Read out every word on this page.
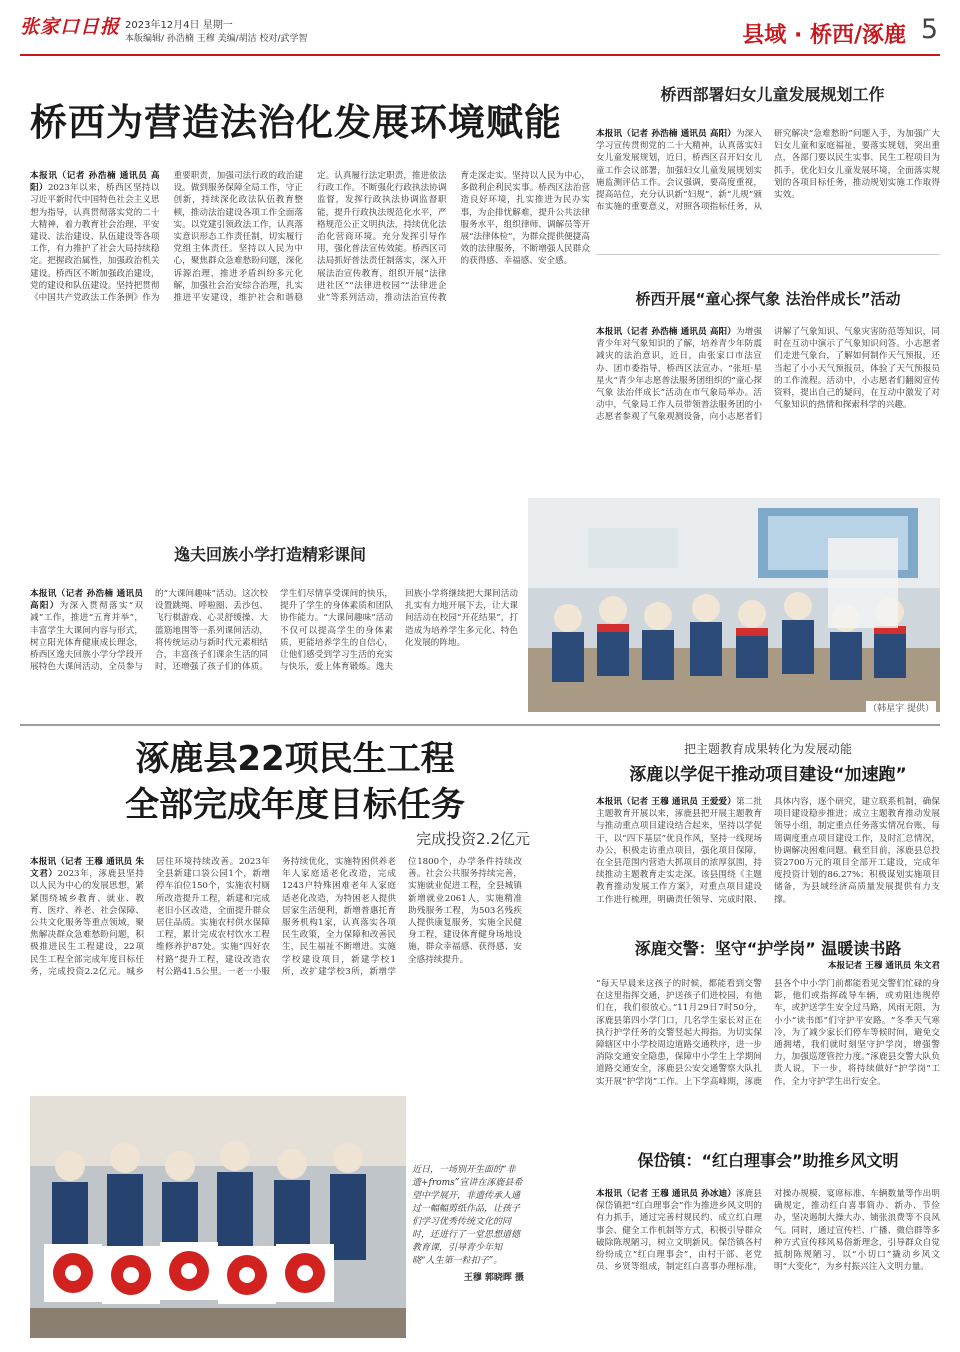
张家口日报 2023年12月4日 星期一
本版编辑/ 孙浩楠 王穆 美编/胡洁 校对/武学智	县域 · 桥西/涿鹿 5
桥西为营造法治化发展环境赋能
本报讯（记者 孙浩楠 通讯员 高阳）2023年以来，桥西区坚持以习近平新时代中国特色社会主义思想为指导，认真贯彻落实党的二十大精神，着力教育社会治理、平安建设、法治建设、队伍建设等各项工作，有力推护了社会大局持续稳定。把握政治属性，加强政治机关建设。桥西区不断加强政治建设，党的建设和队伍建设。坚持把贯彻《中国共产党政法工作条例》作为重要职责，加强司法行政的政治建设。做到服务保障全局工作，守正创新，持续深化政法队伍教育整顿，推动法治建设各项工作全面落实。以党建引领政法工作，认真落实意识形态工作责任制，切实履行党组主体责任。坚持以人民为中心，聚焦群众急难愁盼问题，深化诉源治理，推进矛盾纠纷多元化解，加强社会治安综合治理，扎实推进平安建设，维护社会和谐稳定。认真履行法定职责，推进依法行政工作。不断强化行政执法协调监督，发挥行政执法协调监督职能，提升行政执法规范化水平，严格规范公正文明执法，持续优化法治化营商环境。充分发挥引导作用，强化普法宣传效能。桥西区司法局抓好普法责任制落实，深入开展法治宣传教育，组织开展“法律进社区”“法律进校园”“法律进企业”等系列活动，推动法治宣传教育走深走实。坚持以人民为中心，多做利企利民实事。桥西区法治营造良好环境，扎实推进为民办实事，为企排忧解难，提升公共法律服务水平，组织律师、调解员等开展“法律体检”，为群众提供便捷高效的法律服务，不断增强人民群众的获得感、幸福感、安全感。
桥西部署妇女儿童发展规划工作
本报讯（记者 孙浩楠 通讯员 高阳）为深入学习宣传贯彻党的二十大精神，认真落实妇女儿童发展规划，近日，桥西区召开妇女儿童工作会议部署，加强妇女儿童发展规划实施监测评估工作。会议强调，要高度重视，提高站位，充分认识新“妇规”、新“儿规”颁布实施的重要意义，对照各项指标任务，从研究解决“急难愁盼”问题入手，为加强广大妇女儿童和家庭福祉，要落实规划，突出重点，各部门要以民生实事、民生工程项目为抓手，优化妇女儿童发展环境，全面落实规划的各项目标任务，推动规划实施工作取得实效。
桥西开展“童心探气象 法治伴成长”活动
本报讯（记者 孙浩楠 通讯员 高阳）为增强青少年对气象知识的了解，培养青少年防震减灾的法治意识，近日，由张家口市法宣办、团市委指导，桥西区法宣办、“张垣·星星火”青少年志愿普法服务团组织的“童心探气象 法治伴成长”活动在市气象局举办。活动中，气象局工作人员带领普法服务团的小志愿者参观了气象观测设备，向小志愿者们讲解了气象知识、气象灾害防范等知识，同时在互动中演示了气象知识问答。小志愿者们走进气象台，了解如何制作天气预报，还当起了小小天气预报员，体验了天气预报员的工作流程。活动中，小志愿者们翻阅宣传资料，提出自己的疑问，在互动中激发了对气象知识的热情和探索科学的兴趣。
（韩星宇 提供）
逸夫回族小学打造精彩课间
本报讯（记者 孙浩楠 通讯员 高阳）为深入贯彻落实“双减”工作，推进“五育并举”，丰富学生大课间内容与形式，树立阳光体育健康成长理念，桥西区逸夫回族小学分学段开展特色大课间活动，全员参与的“大课间趣味”活动。这次校设置跳绳、呼啦圈、丢沙包、飞行棋游戏、心灵舒缓操、大篮筋地围等一系列课间活动，将传统运动与新时代元素相结合，丰富孩子们课余生活的同时，还增强了孩子们的体质。学生们尽情享受课间的快乐，提升了学生的身体素质和团队协作能力。“大课间趣味”活动不仅可以提高学生的身体素质，更能培养学生的自信心，让他们感受到学习生活的充实与快乐，爱上体育锻炼。逸夫回族小学将继续把大课间活动扎实有力地开展下去，让大课间活动在校园“开花结果”，打造成为培养学生多元化、特色化发展的阵地。
涿鹿县22项民生工程
全部完成年度目标任务
完成投资2.2亿元
本报讯（记者 王穆 通讯员 朱文君）2023年，涿鹿县坚持以人民为中心的发展思想，紧紧围绕城乡教育、就业、教育、医疗、养老、社会保障、公共文化服务等重点领域，聚焦解决群众急难愁盼问题，积极推进民生工程建设，22项民生工程全部完成年度目标任务，完成投资2.2亿元。城乡居住环境持续改善。2023年全县新建口袋公园1个，新增停车泊位150个，实施农村厕所改造提升工程，新建和完成老旧小区改造，全面提升群众居住品质。实施农村供水保障工程，累计完成农村饮水工程维修养护87处。实施“四好农村路”提升工程，建设改造农村公路41.5公里。一老一小服务持续优化，实施特困供养老年人家庭适老化改造，完成1243户特殊困难老年人家庭适老化改造，为特困老人提供居家生活便利，新增普惠托育服务机构1家，认真落实各项民生政策，全力保障和改善民生，民生福祉不断增进。实施学校建设项目，新建学校1所，改扩建学校3所，新增学位1800个，办学条件持续改善。社会公共服务持续完善，实施就业促进工程，全县城镇新增就业2061人，实施精准助残服务工程，为503名残疾人提供康复服务，实施全民健身工程，建设体育健身场地设施，群众幸福感、获得感、安全感持续提升。
近日，一场别开生面的“非遗+froms”宣讲在涿鹿县希望中学展开，非遗传承人通过一幅幅剪纸作品，让孩子们学习优秀传统文化的同时，还进行了一堂思想道德教育课，引导青少年知晓“人生第一粒扣子”。
王穆 郭晓晖 摄
把主题教育成果转化为发展动能
涿鹿以学促干推动项目建设“加速跑”
本报讯（记者 王穆 通讯员 王爱爱）第二批主题教育开展以来，涿鹿县把开展主题教育与推动重点项目建设结合起来，坚持以学促干，以“四下基层”优良作风，坚持一线现场办公，积极走访重点项目，强化项目保障，在全县范围内营造大抓项目的浓厚氛围，持续推动主题教育走实走深。该县围绕《主题教育推动发展工作方案》，对重点项目建设工作进行梳理，明确责任领导、完成时限、具体内容，逐个研究，建立联系机制，确保项目建设稳步推进；成立主题教育推动发展领导小组，制定重点任务落实情况台账，每周调度重点项目建设工作，及时汇总情况，协调解决困难问题。截至目前，涿鹿县总投资2700万元的项目全部开工建设，完成年度投资计划的86.27%；积极谋划实施项目储备，为县域经济高质量发展提供有力支撑。
涿鹿交警：坚守“护学岗” 温暖读书路
本报记者 王穆 通讯员 朱文君
“每天早晨来这孩子的时候，都能看到交警在这里指挥交通，护送孩子们进校园，有他们在，我们很放心。”11月29日7时50分，涿鹿县第四小学门口，几名学生家长对正在执行护学任务的交警竖起大拇指。为切实保障辖区中小学校周边道路交通秩序，进一步消除交通安全隐患，保障中小学生上学期间道路交通安全，涿鹿县公安交通警察大队扎实开展“护学岗”工作。上下学高峰期，涿鹿县各个中小学门前都能看见交警们忙碌的身影，他们或指挥疏导车辆，或劝阻违规停车，或护送学生安全过马路，风雨无阻，为小小“读书郎”们守护平安路。“冬季天气寒冷，为了减少家长们停车等候时间，避免交通拥堵，我们就时刻坚守护学岗，增强警力，加强巡逻管控力度。”涿鹿县交警大队负责人说，下一步，将持续做好“护学岗”工作，全力守护学生出行安全。
保岱镇：“红白理事会”助推乡风文明
本报讯（记者 王穆 通讯员 孙冰迪）涿鹿县保岱镇把“红白理事会”作为推进乡风文明的有力抓手，通过完善村规民约、成立红白理事会、健全工作机制等方式，积极引导群众破除陈规陋习，树立文明新风。保岱镇各村纷纷成立“红白理事会”，由村干部、老党员、乡贤等组成，制定红白喜事办理标准，对操办规模、宴席标准、车辆数量等作出明确规定，推动红白喜事简办、新办、节俭办，坚决遏制大操大办、铺张浪费等不良风气。同时，通过宣传栏、广播、微信群等多种方式宣传移风易俗新理念，引导群众自觉抵制陈规陋习，以“小切口”撬动乡风文明“大变化”，为乡村振兴注入文明力量。
